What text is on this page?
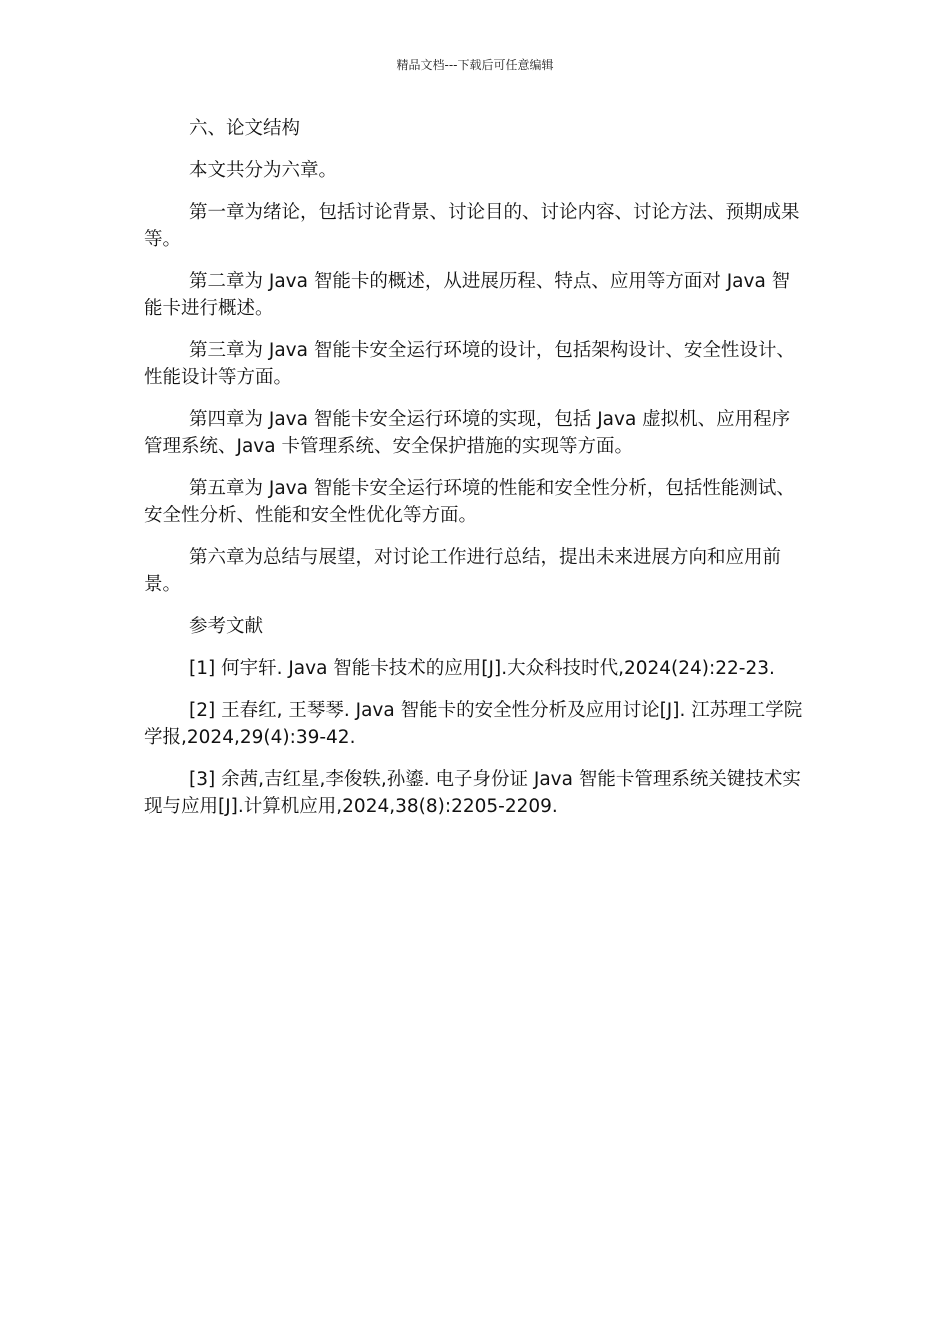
精品文档---下载后可任意编辑

六、论文结构

本文共分为六章。

第一章为绪论，包括讨论背景、讨论目的、讨论内容、讨论方法、预期成果等。

第二章为 Java 智能卡的概述，从进展历程、特点、应用等方面对 Java 智能卡进行概述。

第三章为 Java 智能卡安全运行环境的设计，包括架构设计、安全性设计、性能设计等方面。

第四章为 Java 智能卡安全运行环境的实现，包括 Java 虚拟机、应用程序管理系统、Java 卡管理系统、安全保护措施的实现等方面。

第五章为 Java 智能卡安全运行环境的性能和安全性分析，包括性能测试、安全性分析、性能和安全性优化等方面。

第六章为总结与展望，对讨论工作进行总结，提出未来进展方向和应用前景。

参考文献

[1] 何宇轩. Java 智能卡技术的应用[J].大众科技时代,2024(24):22-23.

[2] 王春红, 王琴琴. Java 智能卡的安全性分析及应用讨论[J]. 江苏理工学院学报,2024,29(4):39-42.

[3] 余茜,吉红星,李俊轶,孙鎏. 电子身份证 Java 智能卡管理系统关键技术实现与应用[J].计算机应用,2024,38(8):2205-2209.
